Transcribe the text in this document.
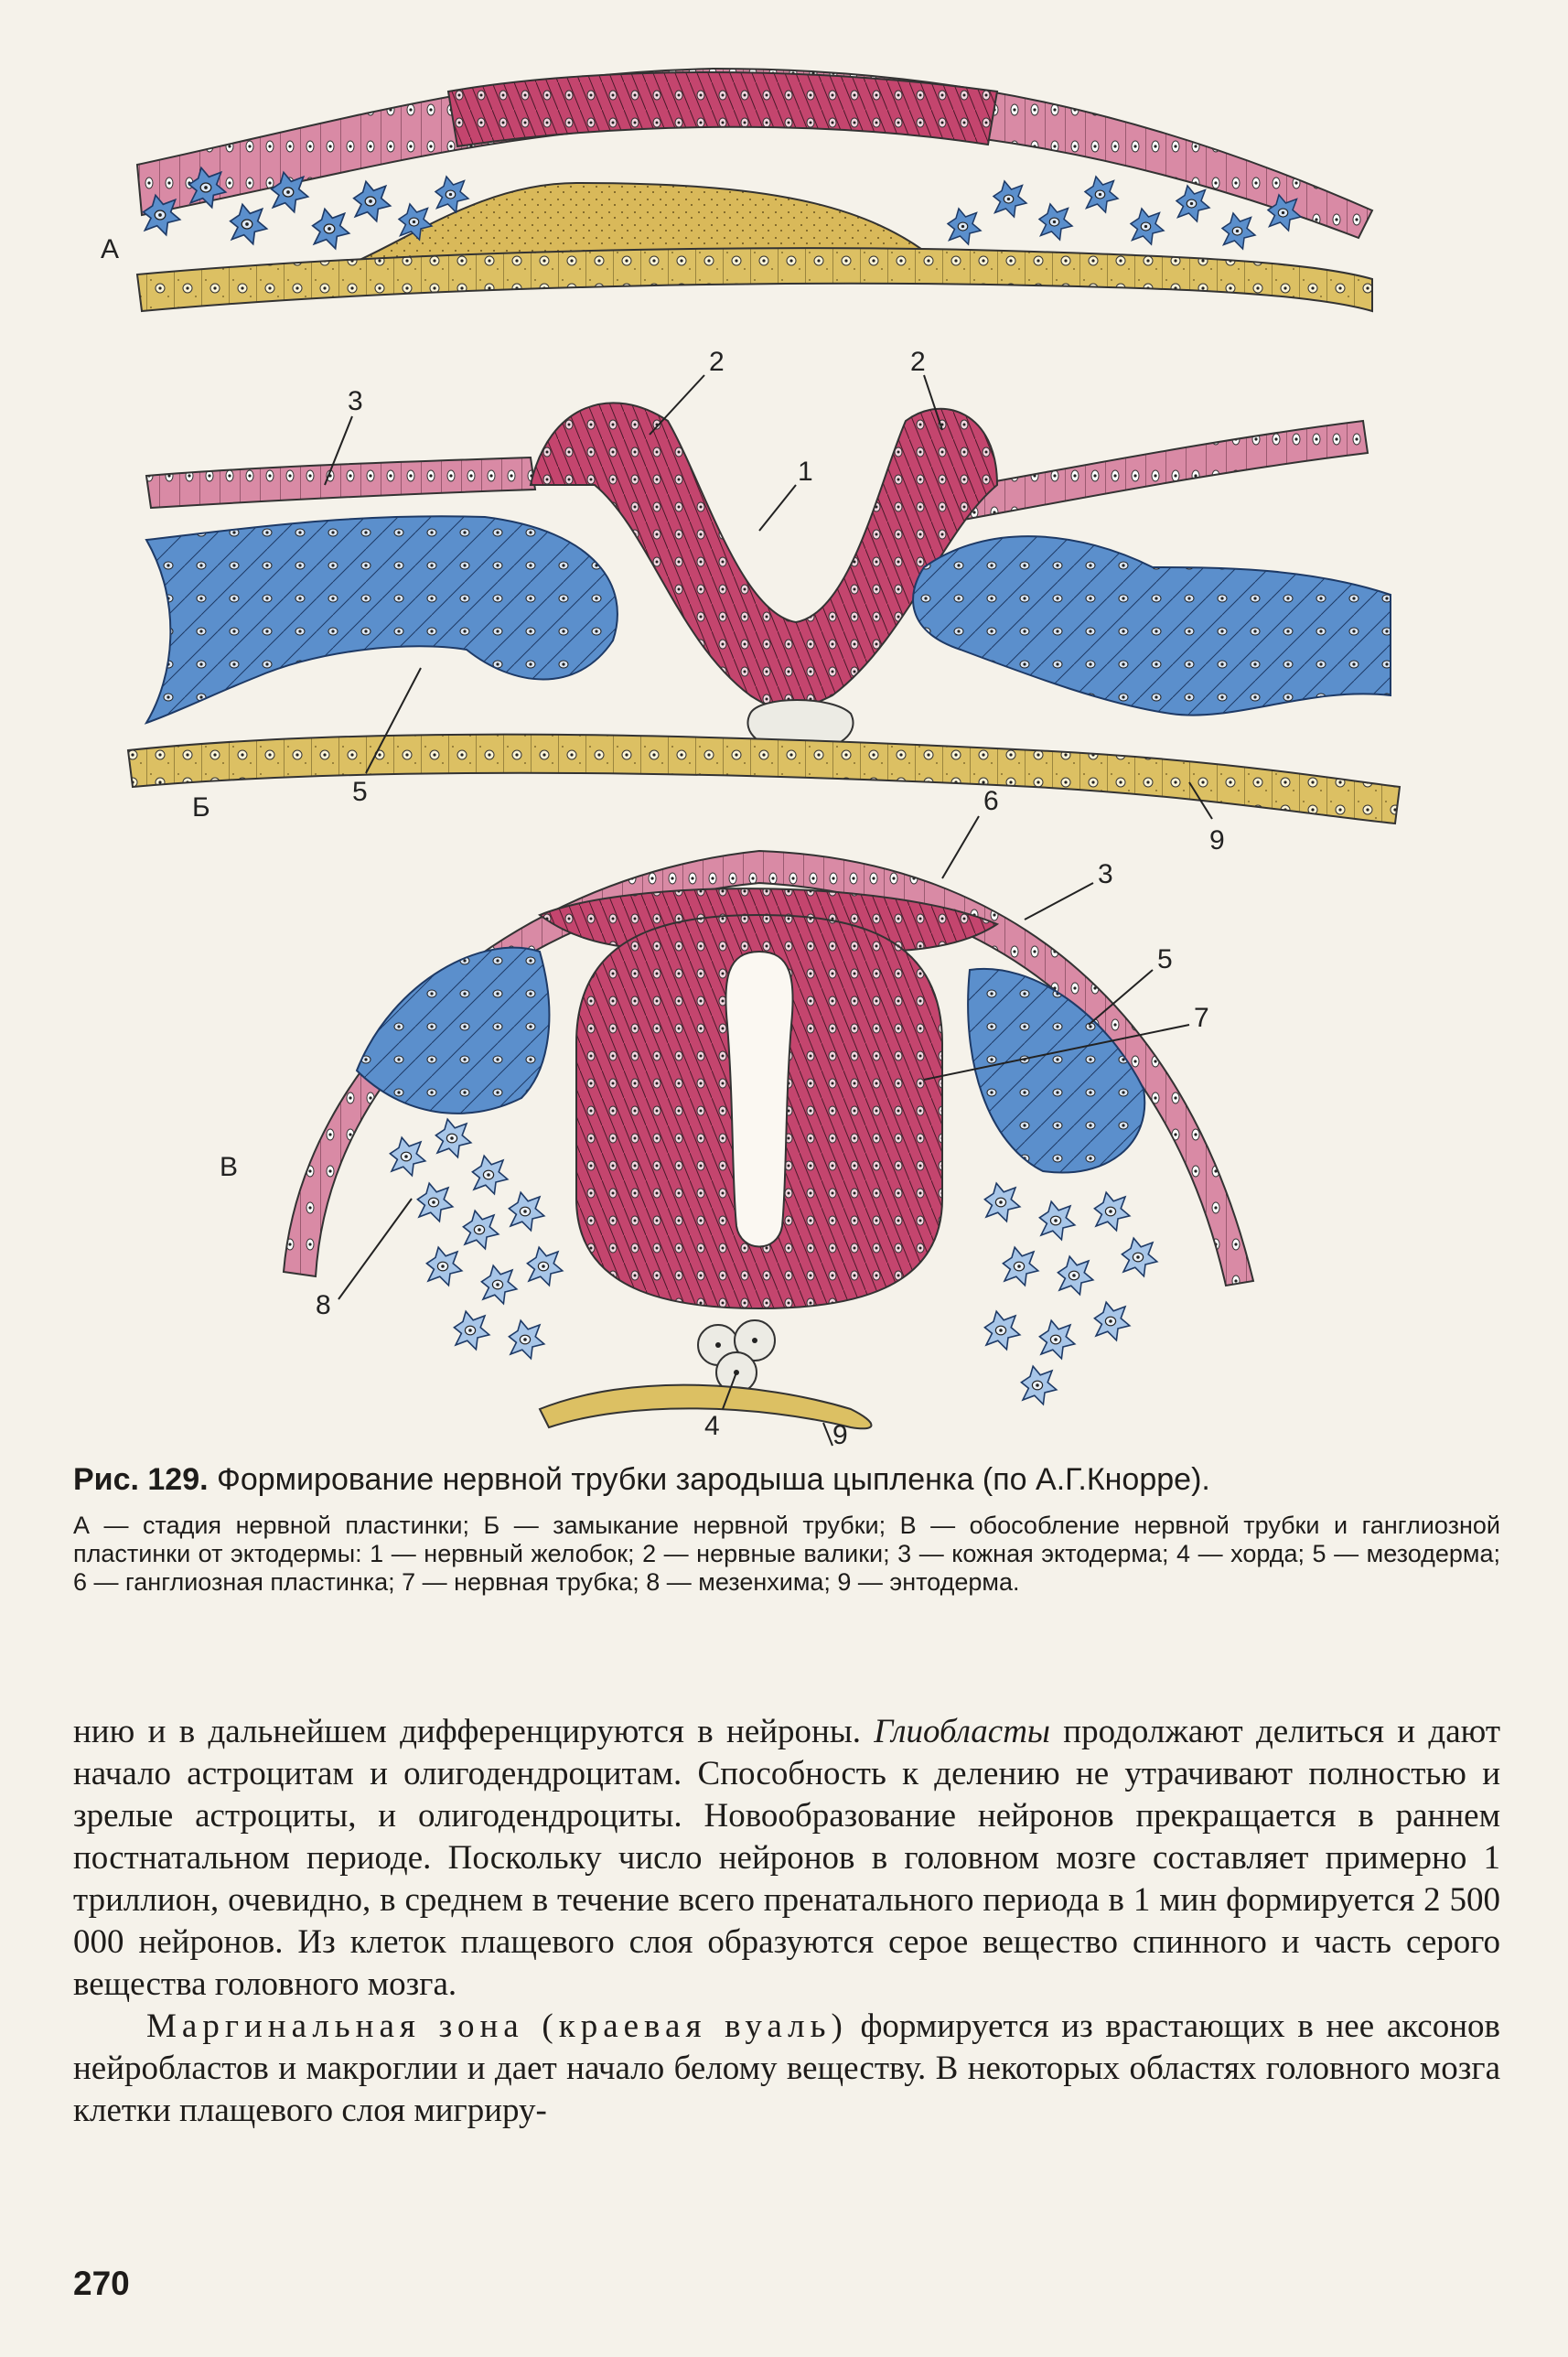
А
3
2	2
1
5
9
Б	6
3
5
7
8
4	9
В
Рис. 129. Формирование нервной трубки зародыша цыпленка (по А.Г.Кнорре).
А — стадия нервной пластинки; Б — замыкание нервной трубки; В — обособление нервной трубки и ганглиозной пластинки от эктодермы: 1 — нервный желобок; 2 — нервные валики; 3 — кожная эктодерма; 4 — хорда; 5 — мезодерма; 6 — ганглиозная пластинка; 7 — нервная трубка; 8 — мезенхима; 9 — энтодерма.

нию и в дальнейшем дифференцируются в нейроны. Глиобласты продолжают делиться и дают начало астроцитам и олигодендроцитам. Способность к делению не утрачивают полностью и зрелые астроциты, и олигодендроциты. Новообразование нейронов прекращается в раннем постнатальном периоде. Поскольку число нейронов в головном мозге составляет примерно 1 триллион, очевидно, в среднем в течение всего пренатального периода в 1 мин формируется 2 500 000 нейронов. Из клеток плащевого слоя образуются серое вещество спинного и часть серого вещества головного мозга.

Маргинальная зона (краевая вуаль) формируется из врастающих в нее аксонов нейробластов и макроглии и дает начало белому веществу. В некоторых областях головного мозга клетки плащевого слоя мигриру-

270
